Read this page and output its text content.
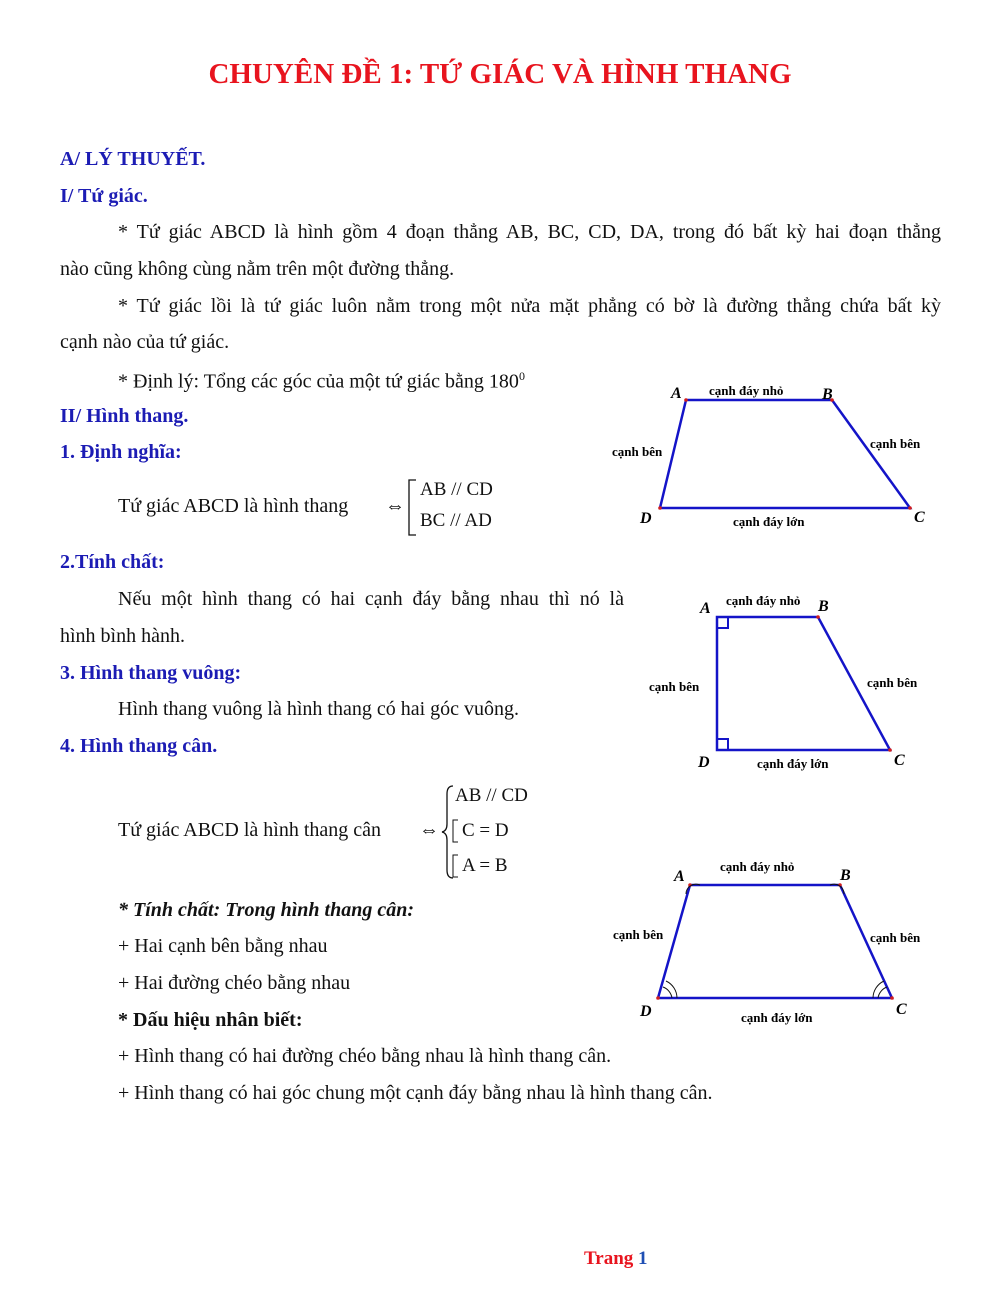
CHUYÊN ĐỀ 1: TỨ GIÁC VÀ HÌNH THANG
A/ LÝ THUYẾT.
I/ Tứ giác.
* Tứ giác ABCD là hình gồm 4 đoạn thẳng AB, BC, CD, DA, trong đó bất kỳ hai đoạn thẳng
nào cũng không cùng nằm trên một đường thẳng.
* Tứ giác lồi là tứ giác luôn nằm trong một nửa mặt phẳng có bờ là đường thẳng chứa bất kỳ
cạnh nào của tứ giác.
* Định lý: Tổng các góc của một tứ giác bằng $180^0$
II/ Hình thang.
1. Định nghĩa:
Tứ giác ABCD là hình thang ⇔
AB // CD
BC // AD
2.Tính chất:
Nếu một hình thang có hai cạnh đáy bằng nhau thì nó là
hình bình hành.
3. Hình thang vuông:
Hình thang vuông là hình thang có hai góc vuông.
4. Hình thang cân.
Tứ giác ABCD là hình thang cân ⇔
AB // CD
C = D
A = B
* Tính chất: Trong hình thang cân:
+ Hai cạnh bên bằng nhau
+ Hai đường chéo bằng nhau
* Dấu hiệu nhân biết:
+ Hình thang có hai đường chéo bằng nhau là hình thang cân.
+ Hình thang có hai góc chung một cạnh đáy bằng nhau là hình thang cân.
A	B
C
D
cạnh đáy nhỏ
cạnh đáy lớn
cạnh bên
cạnh bên
A	B
C
D
cạnh đáy nhỏ
cạnh đáy lớn
cạnh bên	cạnh bên
A	B
C
D
cạnh đáy nhỏ
cạnh đáy lớn
cạnh bên	cạnh bên
Trang 1
